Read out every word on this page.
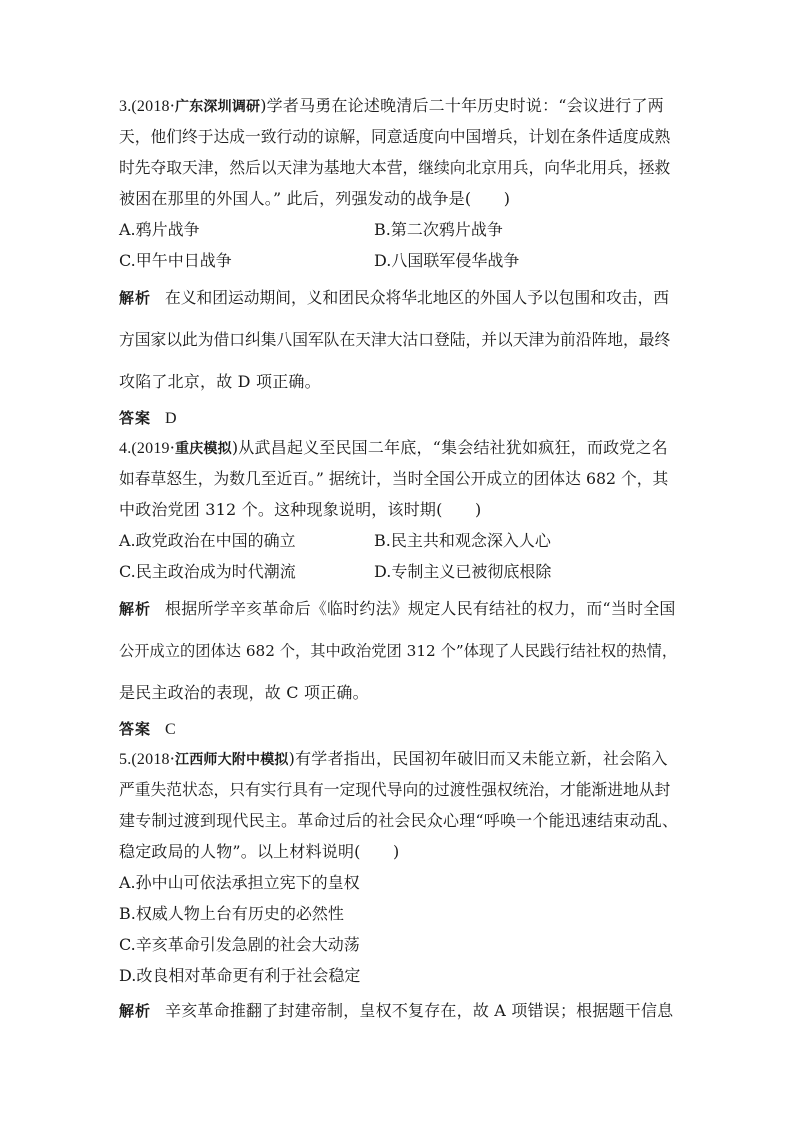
3.(2018·广东深圳调研)学者马勇在论述晚清后二十年历史时说：“会议进行了两
天，他们终于达成一致行动的谅解，同意适度向中国增兵，计划在条件适度成熟
时先夺取天津，然后以天津为基地大本营，继续向北京用兵，向华北用兵，拯救
被困在那里的外国人。” 此后，列强发动的战争是(　　)
A.鸦片战争	B.第二次鸦片战争
C.甲午中日战争	D.八国联军侵华战争
解析 在义和团运动期间，义和团民众将华北地区的外国人予以包围和攻击，西
方国家以此为借口纠集八国军队在天津大沽口登陆，并以天津为前沿阵地，最终
攻陷了北京，故 D 项正确。
答案 D
4.(2019·重庆模拟)从武昌起义至民国二年底，“集会结社犹如疯狂，而政党之名
如春草怒生，为数几至近百。” 据统计，当时全国公开成立的团体达 682 个，其
中政治党团 312 个。这种现象说明，该时期(　　)
A.政党政治在中国的确立	B.民主共和观念深入人心
C.民主政治成为时代潮流	D.专制主义已被彻底根除
解析 根据所学辛亥革命后《临时约法》规定人民有结社的权力，而“当时全国
公开成立的团体达 682 个，其中政治党团 312 个”体现了人民践行结社权的热情，
是民主政治的表现，故 C 项正确。
答案 C
5.(2018·江西师大附中模拟)有学者指出，民国初年破旧而又未能立新，社会陷入
严重失范状态，只有实行具有一定现代导向的过渡性强权统治，才能渐进地从封
建专制过渡到现代民主。革命过后的社会民众心理“呼唤一个能迅速结束动乱、
稳定政局的人物”。以上材料说明(　　)
A.孙中山可依法承担立宪下的皇权
B.权威人物上台有历史的必然性
C.辛亥革命引发急剧的社会大动荡
D.改良相对革命更有利于社会稳定
解析 辛亥革命推翻了封建帝制，皇权不复存在，故 A 项错误；根据题干信息
